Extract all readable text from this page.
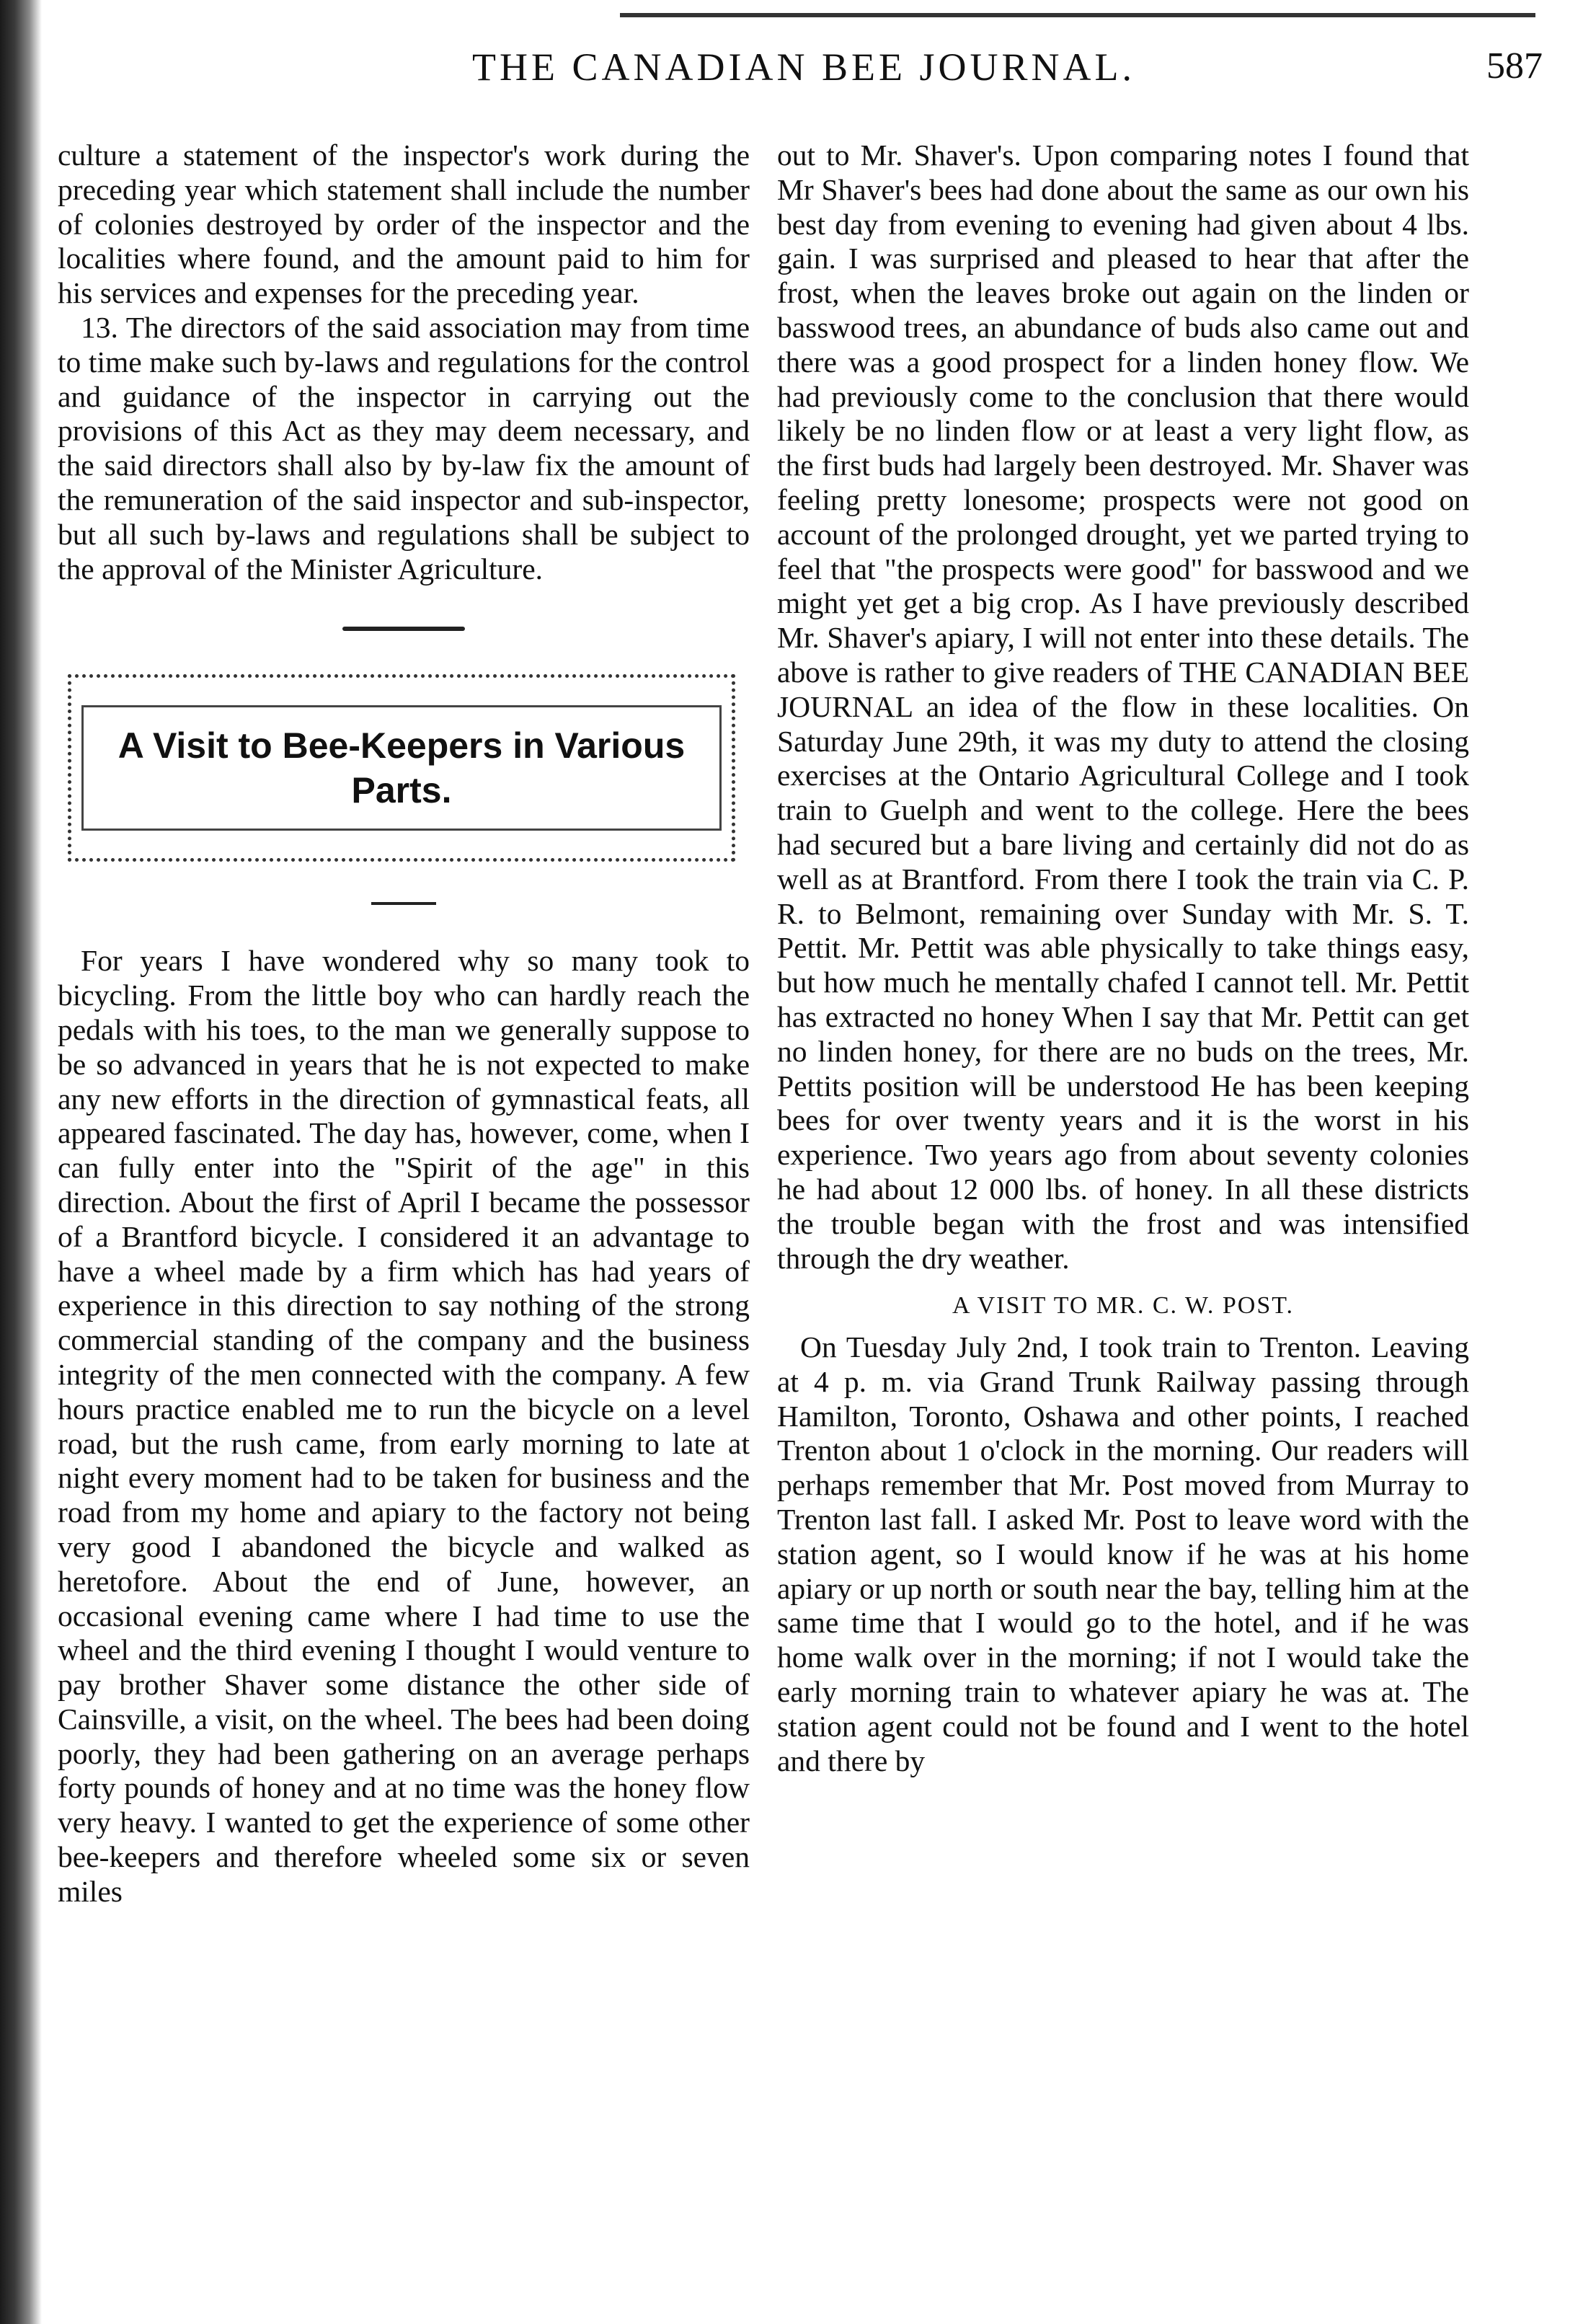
THE CANADIAN BEE JOURNAL.	587

culture a statement of the inspector's work during the preceding year which statement shall include the number of colonies destroyed by order of the inspector and the localities where found, and the amount paid to him for his services and expenses for the preceding year.

13. The directors of the said association may from time to time make such by-laws and regulations for the control and guidance of the inspector in carrying out the provisions of this Act as they may deem necessary, and the said directors shall also by by-law fix the amount of the remuneration of the said inspector and sub-inspector, but all such by-laws and regulations shall be subject to the approval of the Minister Agriculture.

A Visit to Bee-Keepers in Various Parts.

For years I have wondered why so many took to bicycling. From the little boy who can hardly reach the pedals with his toes, to the man we generally suppose to be so advanced in years that he is not expected to make any new efforts in the direction of gymnastical feats, all appeared fascinated. The day has, however, come, when I can fully enter into the "Spirit of the age" in this direction. About the first of April I became the possessor of a Brantford bicycle. I considered it an advantage to have a wheel made by a firm which has had years of experience in this direction to say nothing of the strong commercial standing of the company and the business integrity of the men connected with the company. A few hours practice enabled me to run the bicycle on a level road, but the rush came, from early morning to late at night every moment had to be taken for business and the road from my home and apiary to the factory not being very good I abandoned the bicycle and walked as heretofore. About the end of June, however, an occasional evening came where I had time to use the wheel and the third evening I thought I would venture to pay brother Shaver some distance the other side of Cainsville, a visit, on the wheel. The bees had been doing poorly, they had been gathering on an average perhaps forty pounds of honey and at no time was the honey flow very heavy. I wanted to get the experience of some other bee-keepers and therefore wheeled some six or seven miles

out to Mr. Shaver's. Upon comparing notes I found that Mr Shaver's bees had done about the same as our own his best day from evening to evening had given about 4 lbs. gain. I was surprised and pleased to hear that after the frost, when the leaves broke out again on the linden or basswood trees, an abundance of buds also came out and there was a good prospect for a linden honey flow. We had previously come to the conclusion that there would likely be no linden flow or at least a very light flow, as the first buds had largely been destroyed. Mr. Shaver was feeling pretty lonesome; prospects were not good on account of the prolonged drought, yet we parted trying to feel that "the prospects were good" for basswood and we might yet get a big crop. As I have previously described Mr. Shaver's apiary, I will not enter into these details. The above is rather to give readers of THE CANADIAN BEE JOURNAL an idea of the flow in these localities. On Saturday June 29th, it was my duty to attend the closing exercises at the Ontario Agricultural College and I took train to Guelph and went to the college. Here the bees had secured but a bare living and certainly did not do as well as at Brantford. From there I took the train via C. P. R. to Belmont, remaining over Sunday with Mr. S. T. Pettit. Mr. Pettit was able physically to take things easy, but how much he mentally chafed I cannot tell. Mr. Pettit has extracted no honey When I say that Mr. Pettit can get no linden honey, for there are no buds on the trees, Mr. Pettits position will be understood He has been keeping bees for over twenty years and it is the worst in his experience. Two years ago from about seventy colonies he had about 12 000 lbs. of honey. In all these districts the trouble began with the frost and was intensified through the dry weather.

A VISIT TO MR. C. W. POST.

On Tuesday July 2nd, I took train to Trenton. Leaving at 4 p. m. via Grand Trunk Railway passing through Hamilton, Toronto, Oshawa and other points, I reached Trenton about 1 o'clock in the morning. Our readers will perhaps remember that Mr. Post moved from Murray to Trenton last fall. I asked Mr. Post to leave word with the station agent, so I would know if he was at his home apiary or up north or south near the bay, telling him at the same time that I would go to the hotel, and if he was home walk over in the morning; if not I would take the early morning train to whatever apiary he was at. The station agent could not be found and I went to the hotel and there by
